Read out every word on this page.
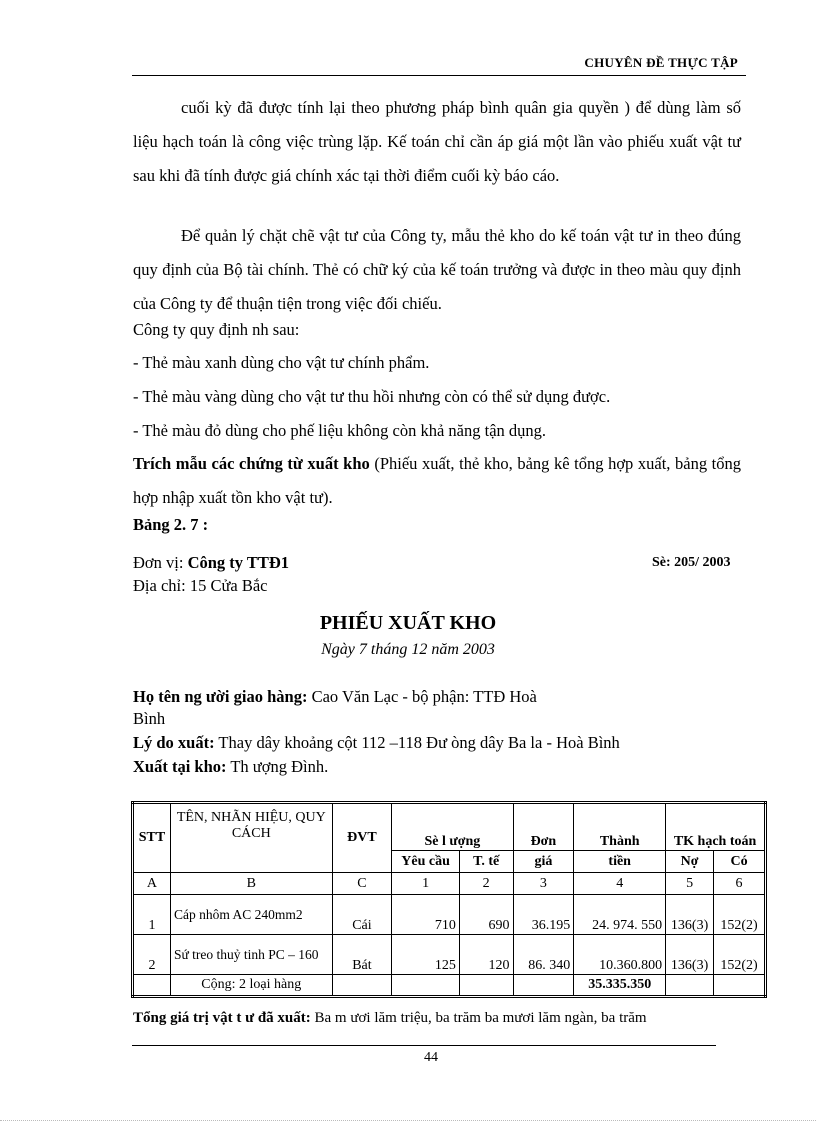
CHUYÊN ĐỀ THỰC TẬP
cuối kỳ đã được tính lại theo phương pháp bình quân gia quyền ) để dùng làm số liệu hạch toán là công việc trùng lặp. Kế toán chỉ cần áp giá một lần vào phiếu xuất vật tư sau khi đã tính được giá chính xác tại thời điểm cuối kỳ báo cáo.
Để quản lý chặt chẽ vật tư của Công ty, mẫu thẻ kho do kế toán vật tư in theo đúng quy định của Bộ tài chính. Thẻ có chữ ký của kế toán trưởng và được in theo màu quy định của Công ty để thuận tiện trong việc đối chiếu.
Công ty quy định nh sau:
- Thẻ màu xanh dùng cho vật tư chính phẩm.
- Thẻ màu vàng dùng cho vật tư thu hồi nhưng còn có thể sử dụng được.
- Thẻ màu đỏ dùng cho phế liệu không còn khả năng tận dụng.
Trích mẫu các chứng từ xuất kho (Phiếu xuất, thẻ kho, bảng kê tổng hợp xuất, bảng tổng hợp nhập xuất tồn kho vật tư).
Bảng 2. 7 :
Đơn vị: Công ty TTĐ1	Sè: 205/ 2003
Địa chỉ: 15 Cửa Bắc
PHIẾU XUẤT KHO
Ngày 7 tháng 12 năm 2003
Họ tên ng ười giao hàng: Cao Văn Lạc - bộ phận: TTĐ Hoà
Bình
Lý do xuất: Thay dây khoảng cột 112 –118 Đư òng dây Ba la - Hoà Bình
Xuất tại kho: Th ượng Đình.
STT	TÊN, NHÃN HIỆU, QUY CÁCH	ĐVT	Sè l ượng		Đơn	Thành	TK hạch toán	
			Yêu cầu	T. tế	giá	tiền	Nợ	Có
A	B	C	1	2	3	4	5	6
1	Cáp nhôm AC 240mm2	Cái	710	690	36.195	24. 974. 550	136(3)	152(2)
2	Sứ treo thuỷ tinh PC – 160	Bát	125	120	86. 340	10.360.800	136(3)	152(2)
	Cộng: 2 loại hàng					35.335.350		
Tổng giá trị vật t ư đã xuất: Ba m ươi lăm triệu, ba trăm ba mươi lăm ngàn, ba trăm
44
